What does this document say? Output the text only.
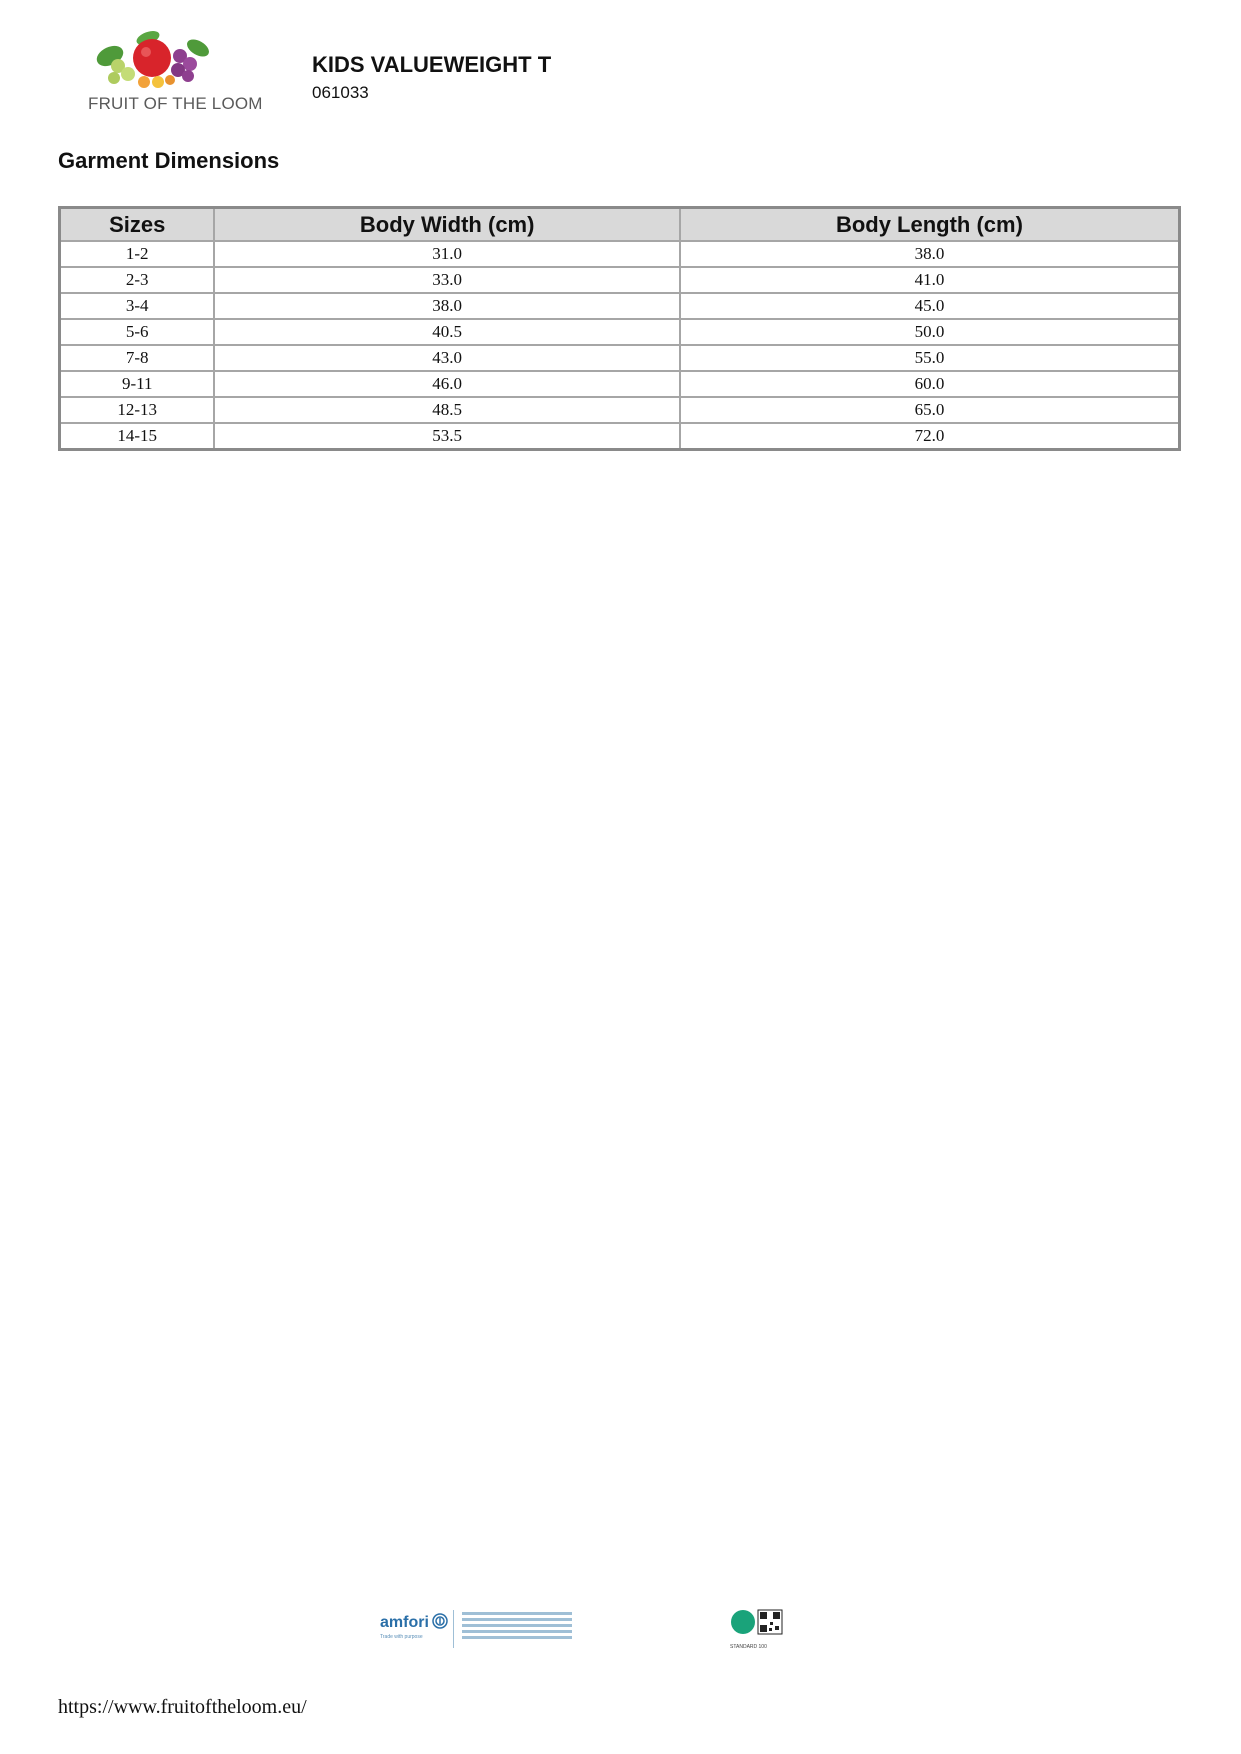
FRUIT OF THE LOOM
KIDS VALUEWEIGHT T
061033
Garment Dimensions
Sizes	Body Width (cm)	Body Length (cm)
1-2	31.0	38.0
2-3	33.0	41.0
3-4	38.0	45.0
5-6	40.5	50.0
7-8	43.0	55.0
9-11	46.0	60.0
12-13	48.5	65.0
14-15	53.5	72.0
amfori
Trade with purpose
STANDARD 100
https://www.fruitoftheloom.eu/
